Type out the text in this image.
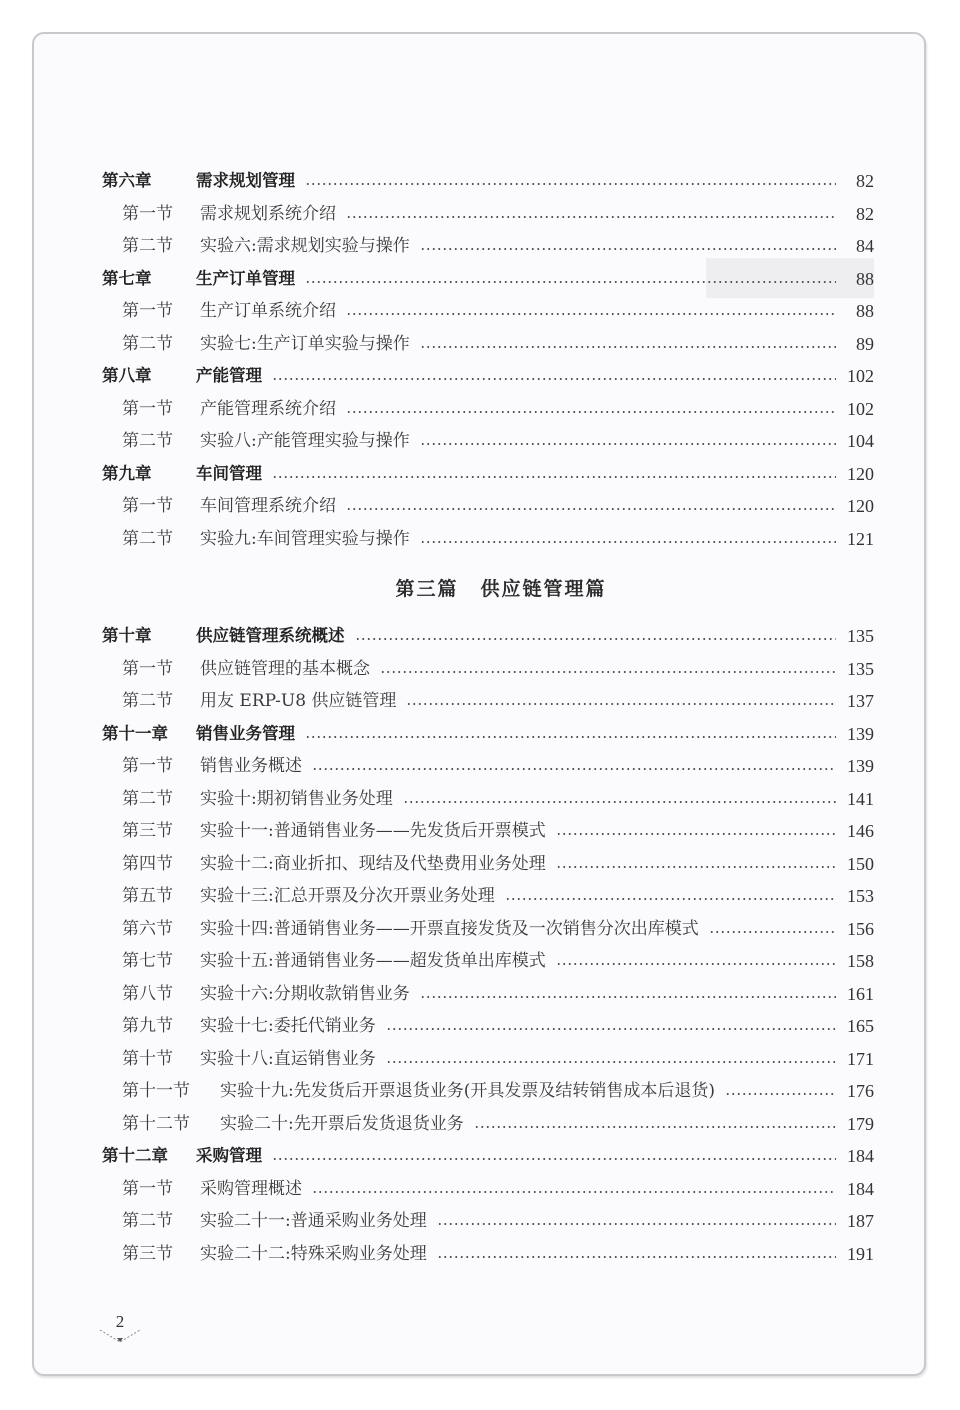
第六章	需求规划管理	82
第一节	需求规划系统介绍	82
第二节	实验六:需求规划实验与操作	84
第七章	生产订单管理	88
第一节	生产订单系统介绍	88
第二节	实验七:生产订单实验与操作	89
第八章	产能管理	102
第一节	产能管理系统介绍	102
第二节	实验八:产能管理实验与操作	104
第九章	车间管理	120
第一节	车间管理系统介绍	120
第二节	实验九:车间管理实验与操作	121
第三篇 供应链管理篇
第十章	供应链管理系统概述	135
第一节	供应链管理的基本概念	135
第二节	用友 ERP-U8 供应链管理	137
第十一章	销售业务管理	139
第一节	销售业务概述	139
第二节	实验十:期初销售业务处理	141
第三节	实验十一:普通销售业务——先发货后开票模式	146
第四节	实验十二:商业折扣、现结及代垫费用业务处理	150
第五节	实验十三:汇总开票及分次开票业务处理	153
第六节	实验十四:普通销售业务——开票直接发货及一次销售分次出库模式	156
第七节	实验十五:普通销售业务——超发货单出库模式	158
第八节	实验十六:分期收款销售业务	161
第九节	实验十七:委托代销业务	165
第十节	实验十八:直运销售业务	171
第十一节	实验十九:先发货后开票退货业务(开具发票及结转销售成本后退货)	176
第十二节	实验二十:先开票后发货退货业务	179
第十二章	采购管理	184
第一节	采购管理概述	184
第二节	实验二十一:普通采购业务处理	187
第三节	实验二十二:特殊采购业务处理	191
2
